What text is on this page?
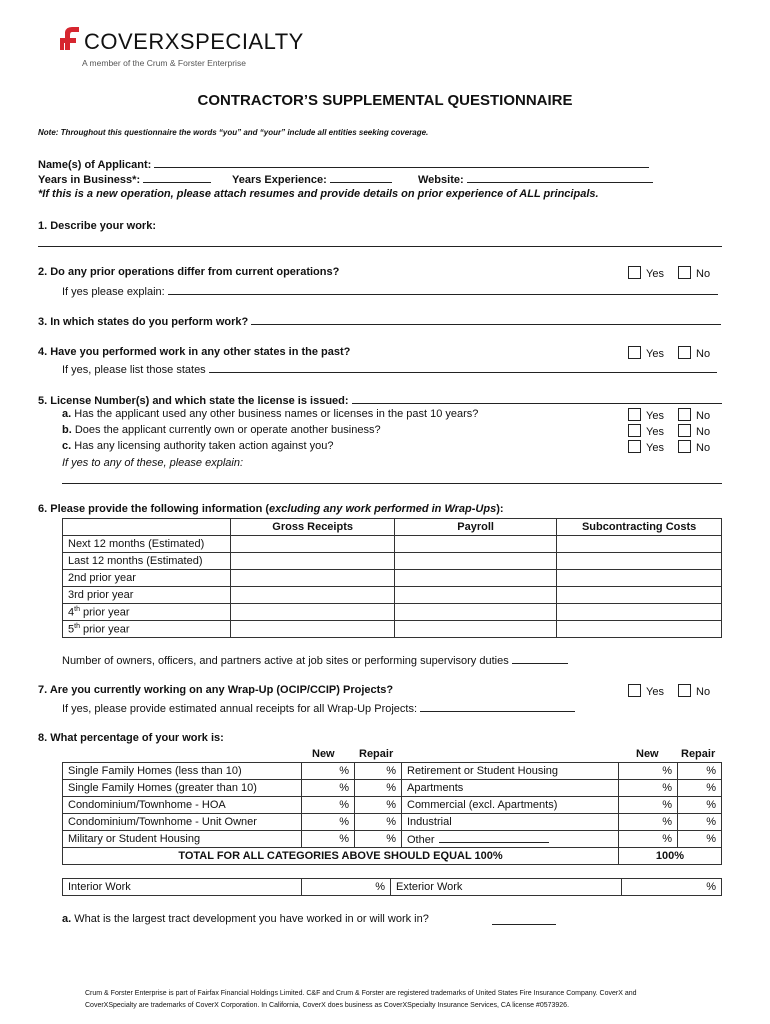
COVERXSPECIALTY
A member of the Crum & Forster Enterprise
CONTRACTOR’S SUPPLEMENTAL QUESTIONNAIRE
Note: Throughout this questionnaire the words “you” and “your” include all entities seeking coverage.
Name(s) of Applicant:
Years in Business*:	Years Experience:	Website:
*If this is a new operation, please attach resumes and provide details on prior experience of ALL principals.
1. Describe your work:
2. Do any prior operations differ from current operations?	Yes	No
If yes please explain:
3. In which states do you perform work?
4. Have you performed work in any other states in the past?	Yes	No
If yes, please list those states
5. License Number(s) and which state the license is issued:
a. Has the applicant used any other business names or licenses in the past 10 years?
b. Does the applicant currently own or operate another business?
c. Has any licensing authority taken action against you?
Yes	No
Yes	No
Yes	No
If yes to any of these, please explain:
6. Please provide the following information (excluding any work performed in Wrap-Ups):
	Gross Receipts	Payroll	Subcontracting Costs
Next 12 months (Estimated)			
Last 12 months (Estimated)			
2nd prior year			
3rd prior year			
4th prior year			
5th prior year			
Number of owners, officers, and partners active at job sites or performing supervisory duties
7. Are you currently working on any Wrap-Up (OCIP/CCIP) Projects?	Yes	No
If yes, please provide estimated annual receipts for all Wrap-Up Projects:
8. What percentage of your work is:
New Repair	New Repair
Single Family Homes (less than 10)	%	%	Retirement or Student Housing	%	%
Single Family Homes (greater than 10)	%	%	Apartments	%	%
Condominium/Townhome - HOA	%	%	Commercial (excl. Apartments)	%	%
Condominium/Townhome - Unit Owner	%	%	Industrial	%	%
Military or Student Housing	%	%	Other	%	%
TOTAL FOR ALL CATEGORIES ABOVE SHOULD EQUAL 100%				100%	
Interior Work	%	Exterior Work	%
a. What is the largest tract development you have worked in or will work in?
Crum & Forster Enterprise is part of Fairfax Financial Holdings Limited. C&F and Crum & Forster are registered trademarks of United States Fire Insurance Company. CoverX and
CoverXSpecialty are trademarks of CoverX Corporation. In California, CoverX does business as CoverXSpecialty Insurance Services, CA license #0573926.
